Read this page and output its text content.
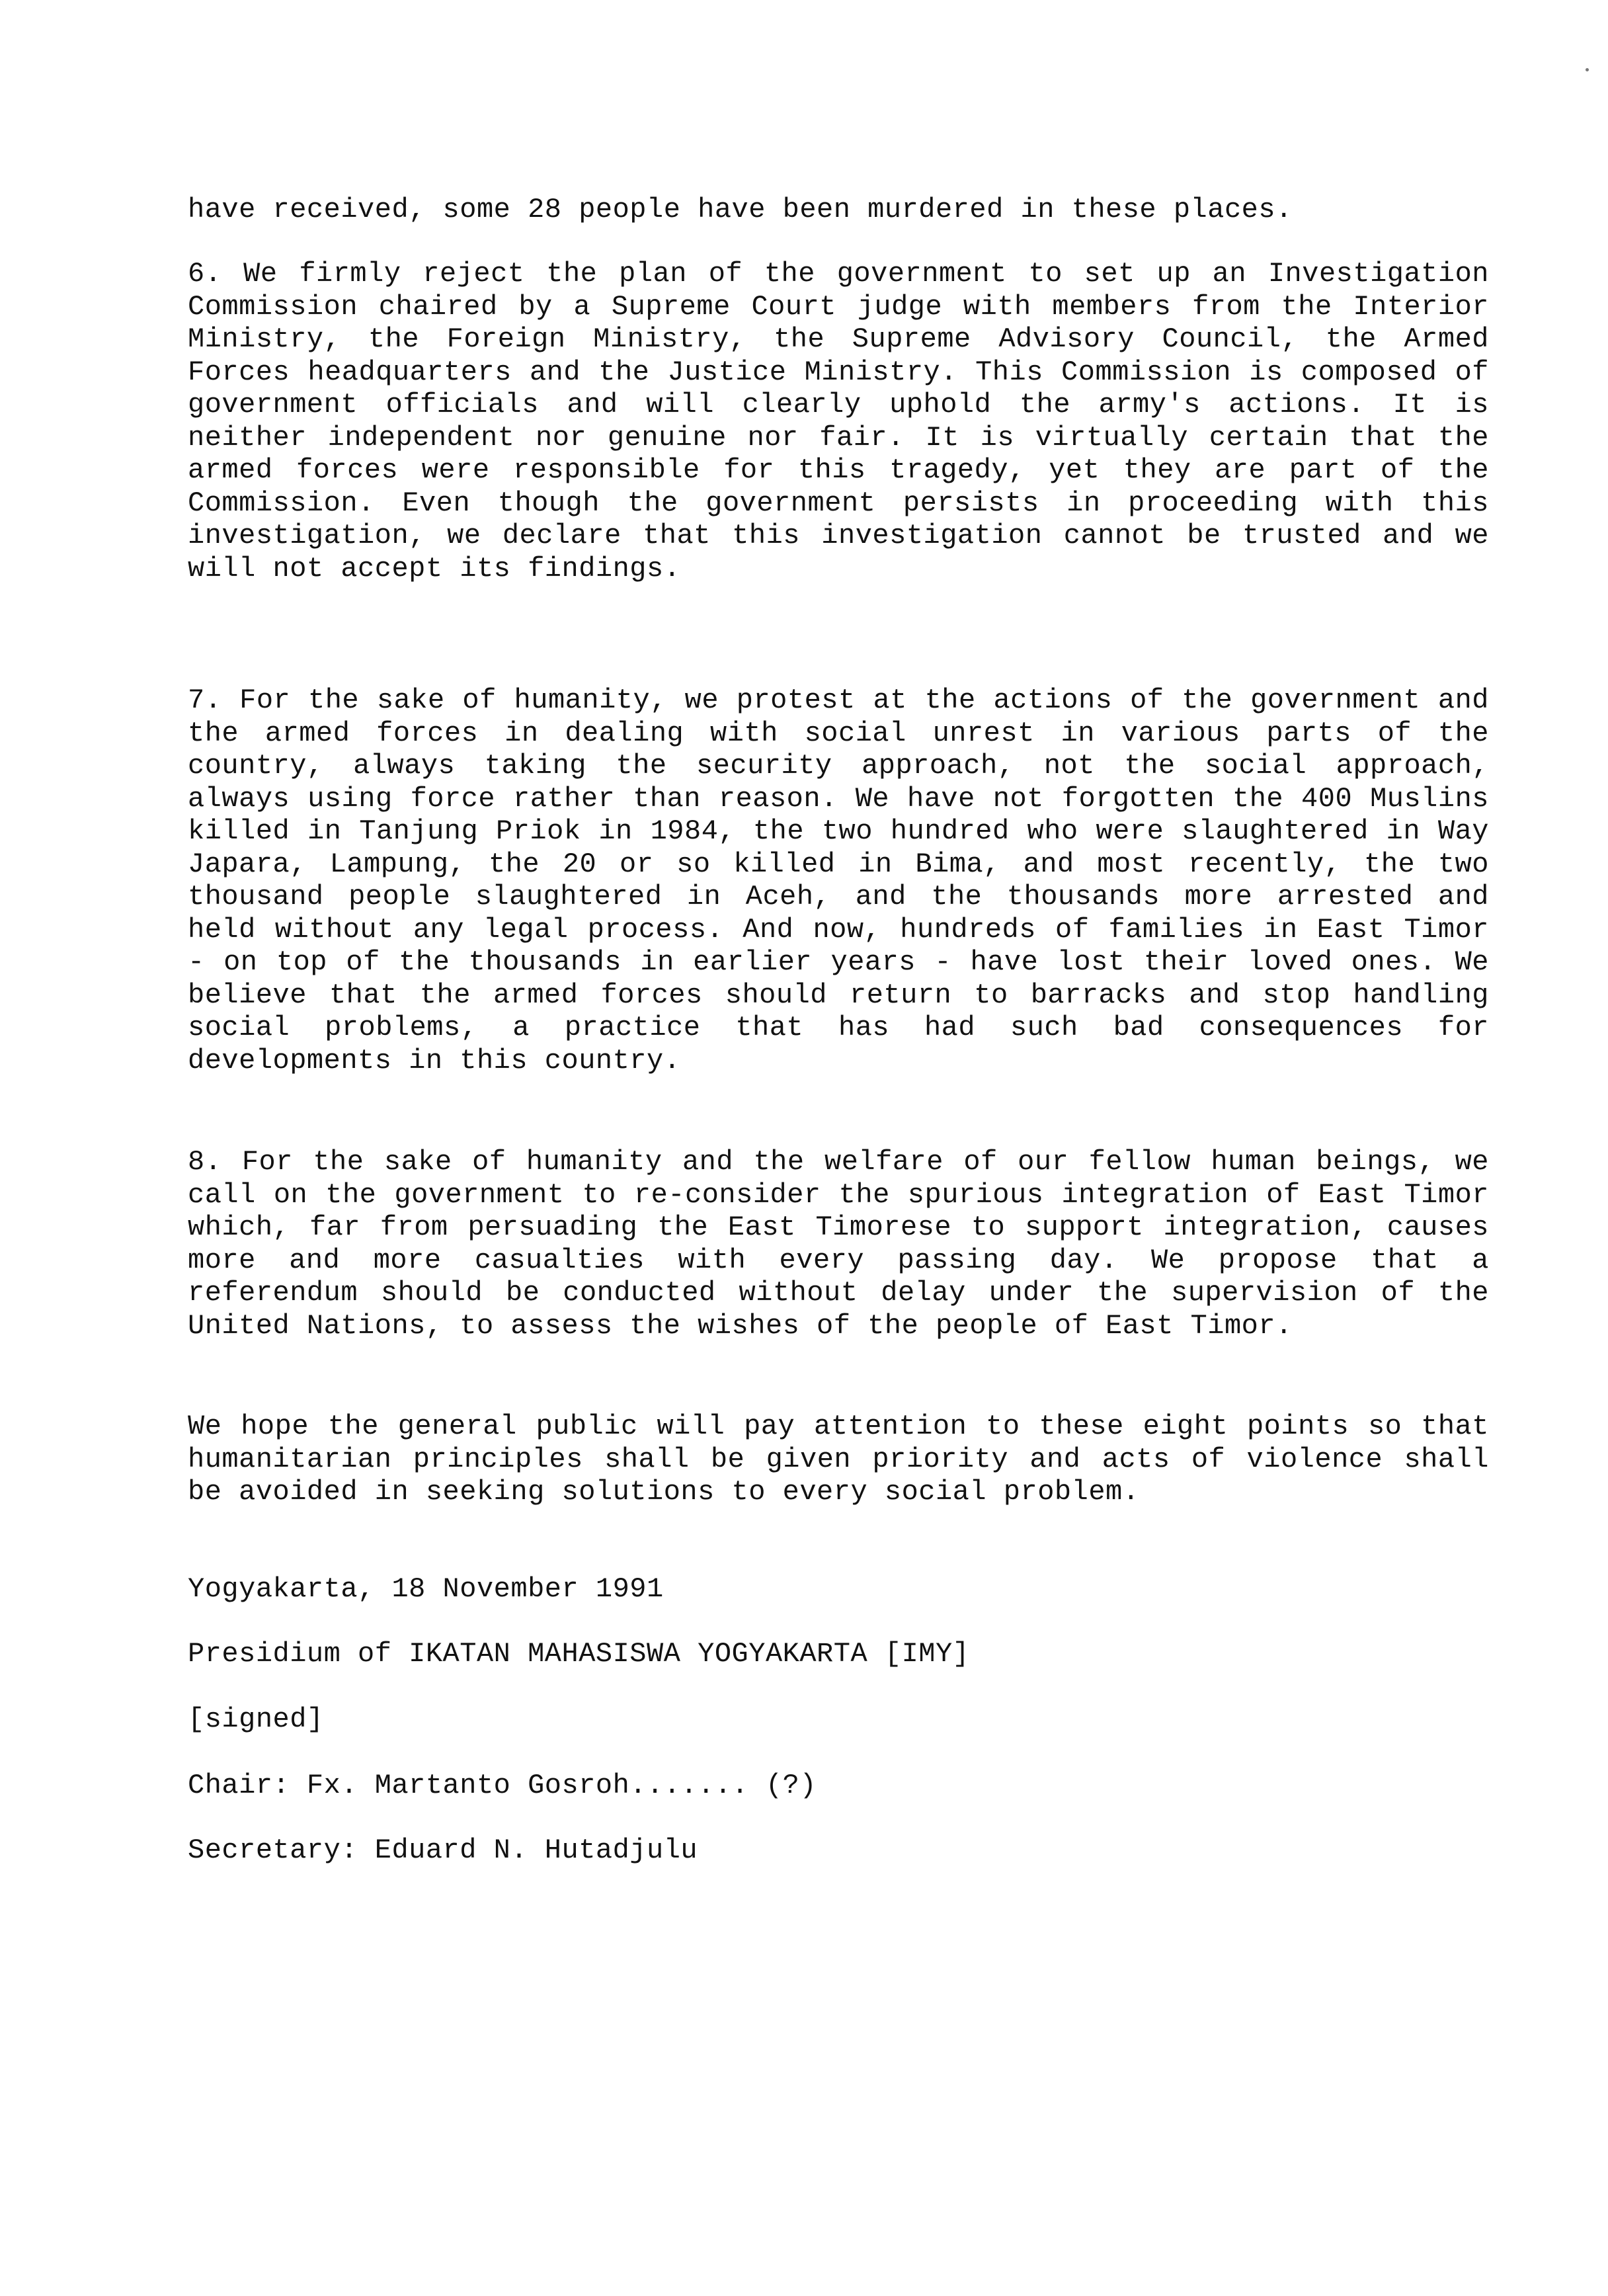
have received, some 28 people have been murdered in these places.

6. We firmly reject the plan of the government to set up an Investigation Commission chaired by a Supreme Court judge with members from the Interior Ministry, the Foreign Ministry, the Supreme Advisory Council, the Armed Forces headquarters and the Justice Ministry. This Commission is composed of government officials and will clearly uphold the army's actions. It is neither independent nor genuine nor fair. It is virtually certain that the armed forces were responsible for this tragedy, yet they are part of the Commission. Even though the government persists in proceeding with this investigation, we declare that this investigation cannot be trusted and we will not accept its findings.

7. For the sake of humanity, we protest at the actions of the government and the armed forces in dealing with social unrest in various parts of the country, always taking the security approach, not the social approach, always using force rather than reason. We have not forgotten the 400 Muslins killed in Tanjung Priok in 1984, the two hundred who were slaughtered in Way Japara, Lampung, the 20 or so killed in Bima, and most recently, the two thousand people slaughtered in Aceh, and the thousands more arrested and held without any legal process. And now, hundreds of families in East Timor - on top of the thousands in earlier years - have lost their loved ones. We believe that the armed forces should return to barracks and stop handling social problems, a practice that has had such bad consequences for developments in this country.

8. For the sake of humanity and the welfare of our fellow human beings, we call on the government to re-consider the spurious integration of East Timor which, far from persuading the East Timorese to support integration, causes more and more casualties with every passing day. We propose that a referendum should be conducted without delay under the supervision of the United Nations, to assess the wishes of the people of East Timor.

We hope the general public will pay attention to these eight points so that humanitarian principles shall be given priority and acts of violence shall be avoided in seeking solutions to every social problem.

Yogyakarta, 18 November 1991

Presidium of IKATAN MAHASISWA YOGYAKARTA [IMY]

[signed]

Chair: Fx. Martanto Gosroh....... (?)

Secretary: Eduard N. Hutadjulu
